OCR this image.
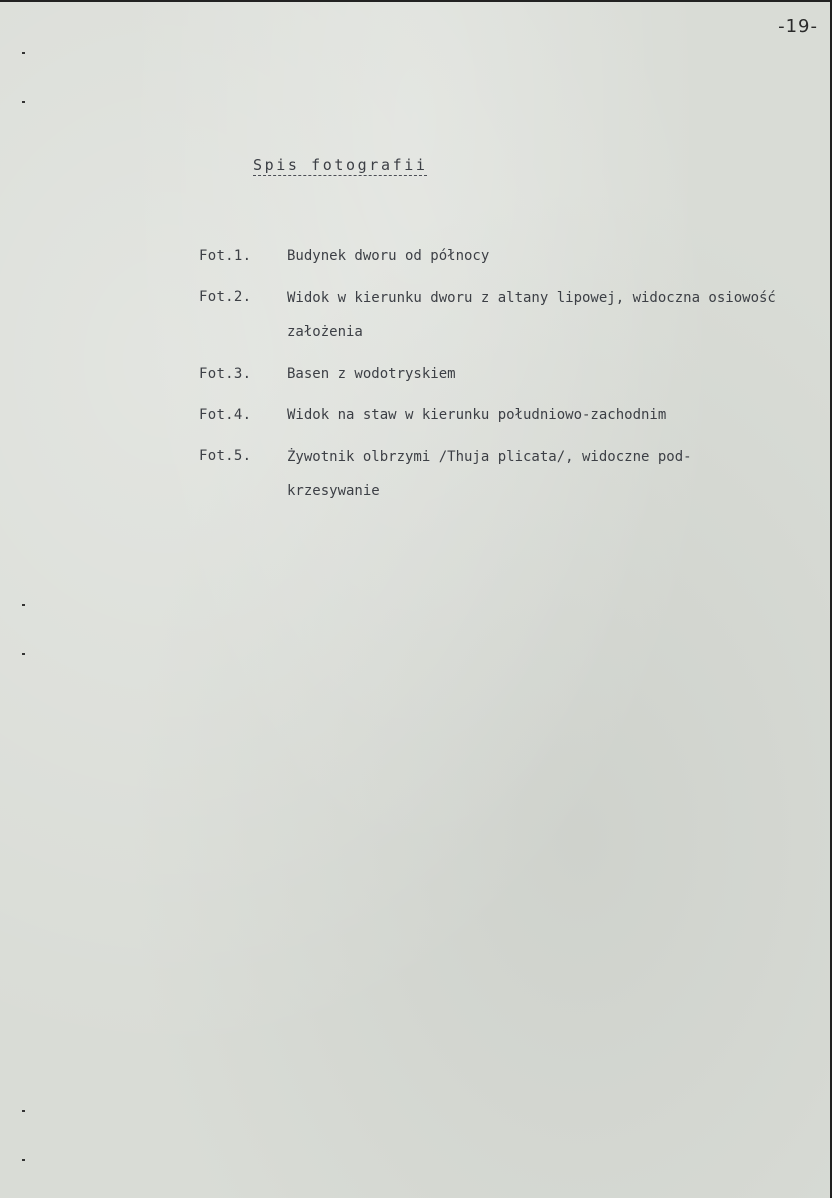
-19-
Spis fotografii
Fot.1.	Budynek dworu od północy
Fot.2.	Widok w kierunku dworu z altany lipowej, widoczna osiowość założenia
Fot.3.	Basen z wodotryskiem
Fot.4.	Widok na staw w kierunku południowo-zachodnim
Fot.5.	Żywotnik olbrzymi /Thuja plicata/, widoczne pod-krzesywanie
